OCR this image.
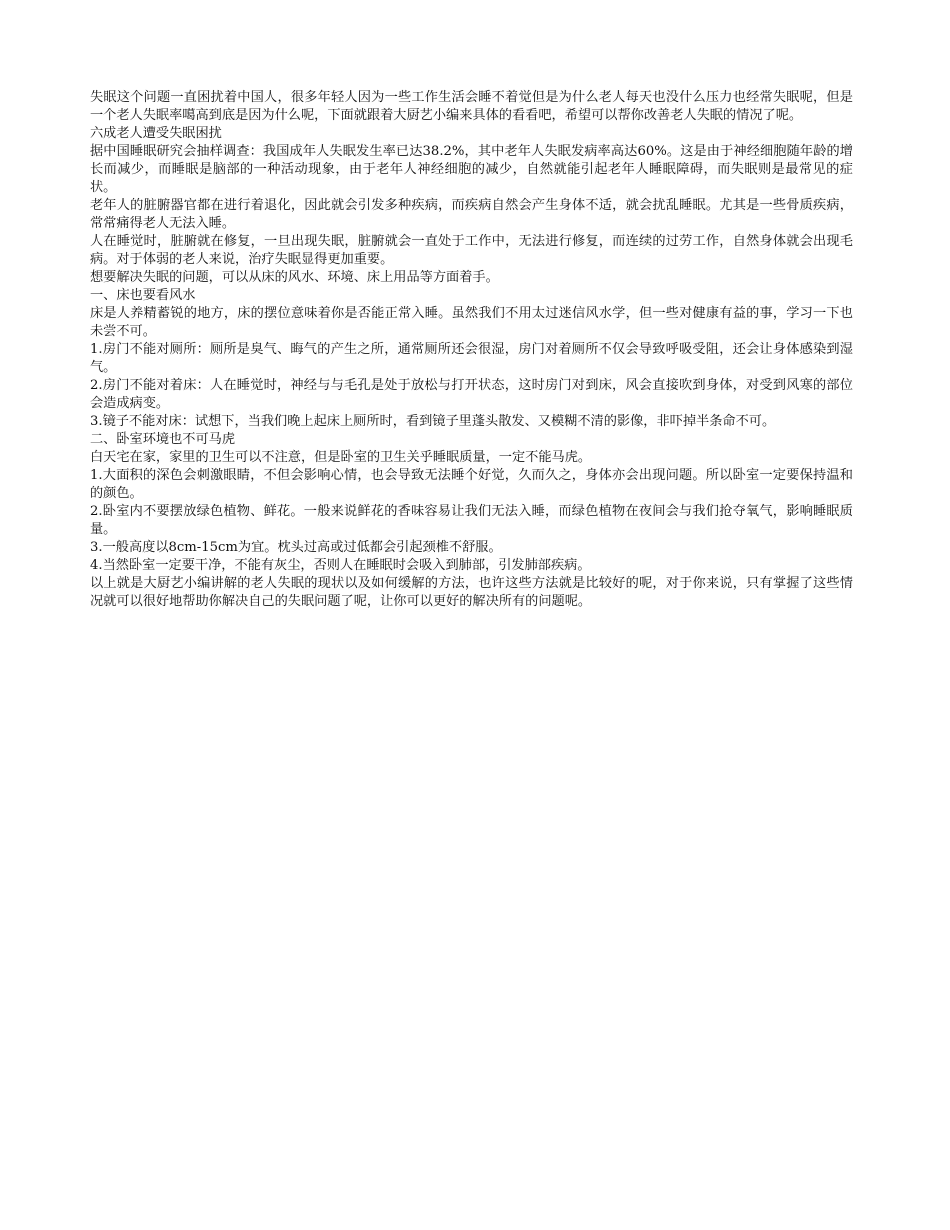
失眠这个问题一直困扰着中国人，很多年轻人因为一些工作生活会睡不着觉但是为什么老人每天也没什么压力也经常失眠呢，但是一个老人失眠率噶高到底是因为什么呢，下面就跟着大厨艺小编来具体的看看吧，希望可以帮你改善老人失眠的情况了呢。

六成老人遭受失眠困扰

据中国睡眠研究会抽样调查：我国成年人失眠发生率已达38.2%，其中老年人失眠发病率高达60%。这是由于神经细胞随年龄的增长而减少，而睡眠是脑部的一种活动现象，由于老年人神经细胞的减少，自然就能引起老年人睡眠障碍，而失眠则是最常见的症状。

老年人的脏腑器官都在进行着退化，因此就会引发多种疾病，而疾病自然会产生身体不适，就会扰乱睡眠。尤其是一些骨质疾病，常常痛得老人无法入睡。

人在睡觉时，脏腑就在修复，一旦出现失眠，脏腑就会一直处于工作中，无法进行修复，而连续的过劳工作，自然身体就会出现毛病。对于体弱的老人来说，治疗失眠显得更加重要。

想要解决失眠的问题，可以从床的风水、环境、床上用品等方面着手。

一、床也要看风水

床是人养精蓄锐的地方，床的摆位意味着你是否能正常入睡。虽然我们不用太过迷信风水学，但一些对健康有益的事，学习一下也未尝不可。

1.房门不能对厕所：厕所是臭气、晦气的产生之所，通常厕所还会很湿，房门对着厕所不仅会导致呼吸受阻，还会让身体感染到湿气。

2.房门不能对着床：人在睡觉时，神经与与毛孔是处于放松与打开状态，这时房门对到床，风会直接吹到身体，对受到风寒的部位会造成病变。

3.镜子不能对床：试想下，当我们晚上起床上厕所时，看到镜子里蓬头散发、又模糊不清的影像，非吓掉半条命不可。

二、卧室环境也不可马虎

白天宅在家，家里的卫生可以不注意，但是卧室的卫生关乎睡眠质量，一定不能马虎。

1.大面积的深色会刺激眼睛，不但会影响心情，也会导致无法睡个好觉，久而久之，身体亦会出现问题。所以卧室一定要保持温和的颜色。

2.卧室内不要摆放绿色植物、鲜花。一般来说鲜花的香味容易让我们无法入睡，而绿色植物在夜间会与我们抢夺氧气，影响睡眠质量。

3.一般高度以8cm-15cm为宜。枕头过高或过低都会引起颈椎不舒服。

4.当然卧室一定要干净，不能有灰尘，否则人在睡眠时会吸入到肺部，引发肺部疾病。

以上就是大厨艺小编讲解的老人失眠的现状以及如何缓解的方法，也许这些方法就是比较好的呢，对于你来说，只有掌握了这些情况就可以很好地帮助你解决自己的失眠问题了呢，让你可以更好的解决所有的问题呢。
